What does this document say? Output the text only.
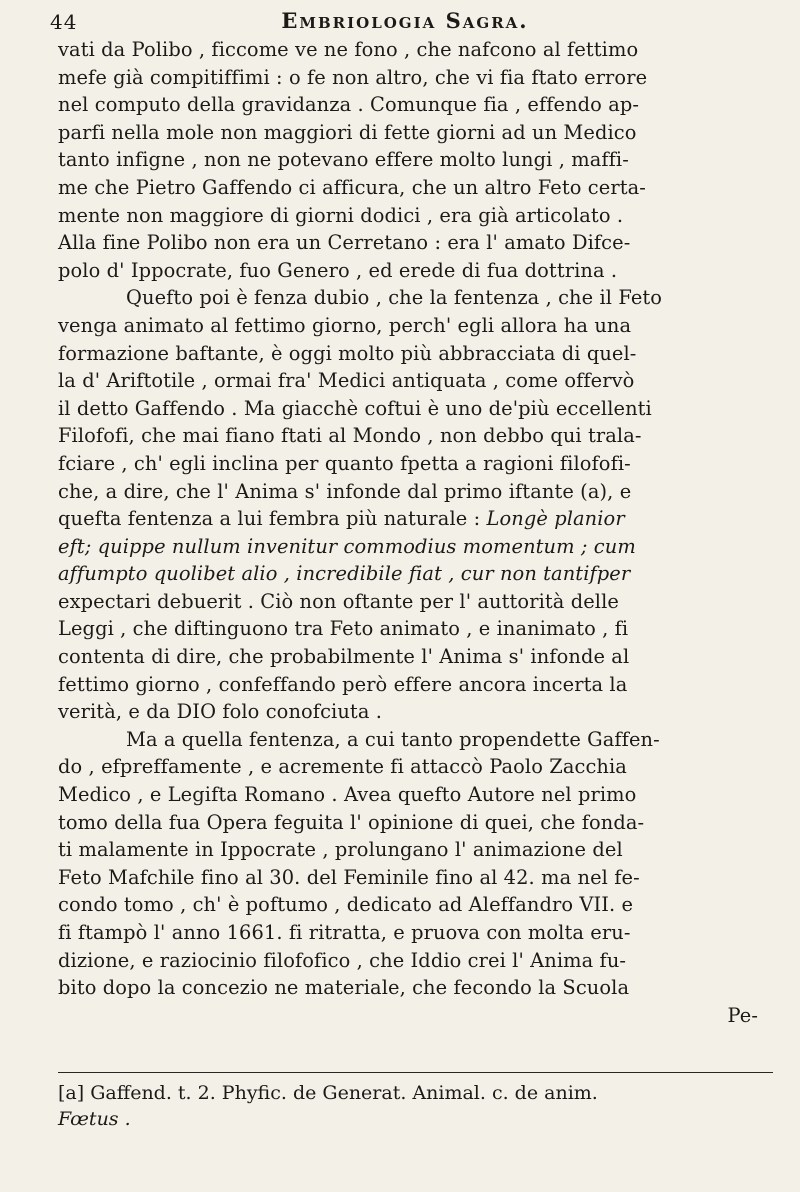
44	Embriologia Sagra.
vati da Polibo , ficcome ve ne fono , che nafcono al fettimo
mefe già compitiffimi : o fe non altro, che vi fia ftato errore
nel computo della gravidanza . Comunque fia , effendo ap-
parfi nella mole non maggiori di fette giorni ad un Medico
tanto infigne , non ne potevano effere molto lungi , maffi-
me che Pietro Gaffendo ci afficura, che un altro Feto certa-
mente non maggiore di giorni dodici , era già articolato .
Alla fine Polibo non era un Cerretano : era l' amato Difce-
polo d' Ippocrate, fuo Genero , ed erede di fua dottrina .
Quefto poi è fenza dubio , che la fentenza , che il Feto
venga animato al fettimo giorno, perch' egli allora ha una
formazione baftante, è oggi molto più abbracciata di quel-
la d' Ariftotile , ormai fra' Medici antiquata , come offervò
il detto Gaffendo . Ma giacchè coftui è uno de'più eccellenti
Filofofi, che mai fiano ftati al Mondo , non debbo qui trala-
fciare , ch' egli inclina per quanto fpetta a ragioni filofofi-
che, a dire, che l' Anima s' infonde dal primo iftante (a), e
quefta fentenza a lui fembra più naturale : Longè planior
eft; quippe nullum invenitur commodius momentum ; cum
affumpto quolibet alio , incredibile fiat , cur non tantifper
expectari debuerit . Ciò non oftante per l' auttorità delle
Leggi , che diftinguono tra Feto animato , e inanimato , fi
contenta di dire, che probabilmente l' Anima s' infonde al
fettimo giorno , confeffando però effere ancora incerta la
verità, e da DIO folo conofciuta .
Ma a quella fentenza, a cui tanto propendette Gaffen-
do , efpreffamente , e acremente fi attaccò Paolo Zacchia
Medico , e Legifta Romano . Avea quefto Autore nel primo
tomo della fua Opera feguita l' opinione di quei, che fonda-
ti malamente in Ippocrate , prolungano l' animazione del
Feto Mafchile fino al 30. del Feminile fino al 42. ma nel fe-
condo tomo , ch' è poftumo , dedicato ad Aleffandro VII. e
fi ftampò l' anno 1661. fi ritratta, e pruova con molta eru-
dizione, e raziocinio filofofico , che Iddio crei l' Anima fu-
bito dopo la concezio ne materiale, che fecondo la Scuola
Pe-
[a] Gaffend. t. 2. Phyfic. de Generat. Animal. c. de anim.
Fœtus .
